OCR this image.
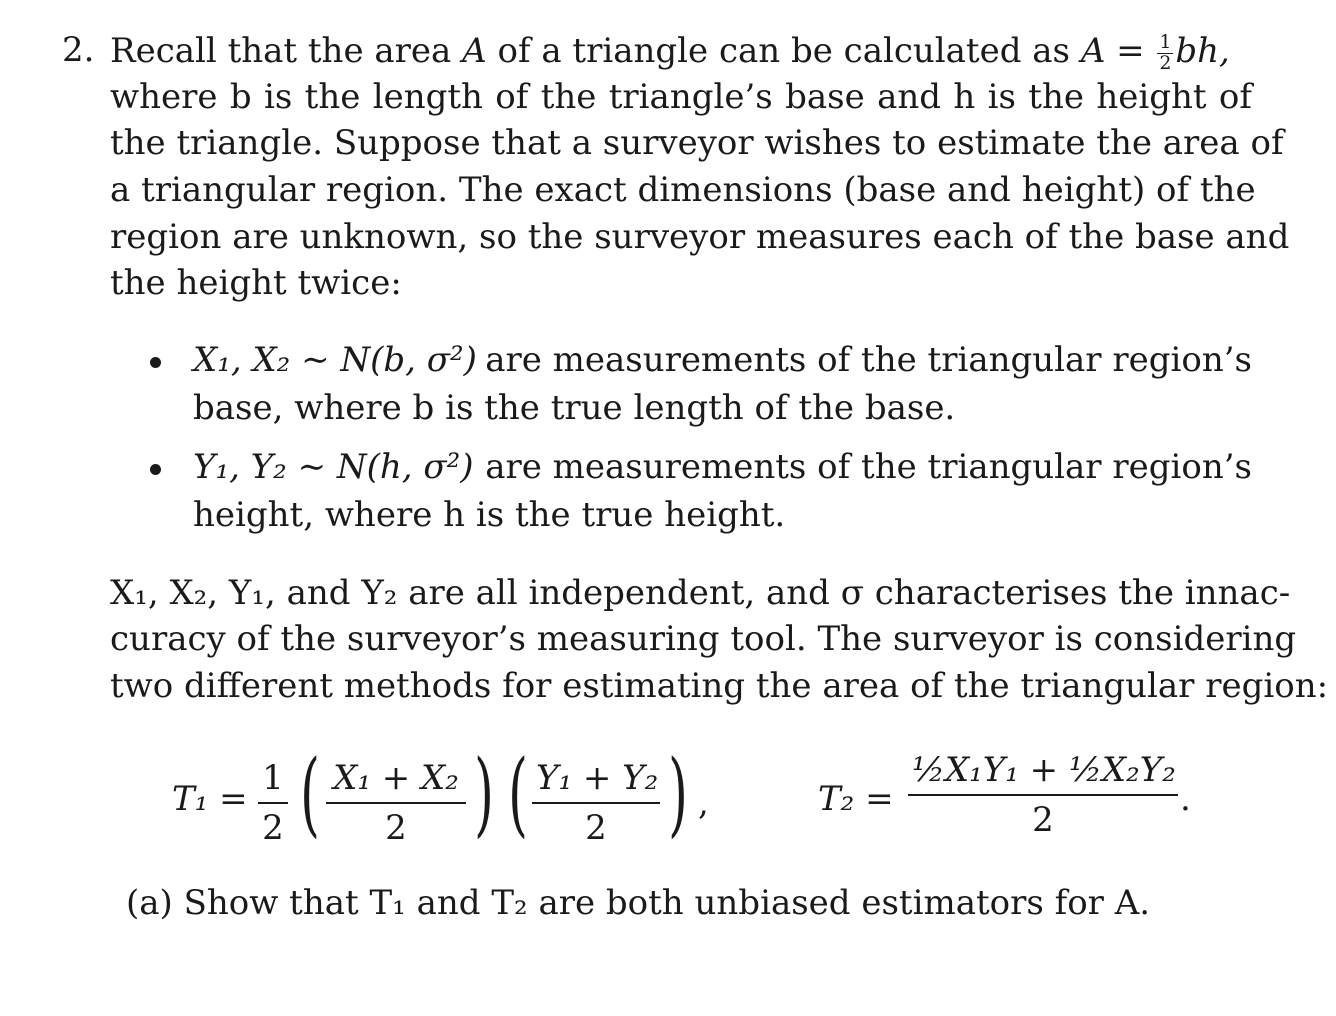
2. Recall that the area A of a triangle can be calculated as $A = \frac{1}{2}$ bh,
where b is the length of the triangle’s base and h is the height of
the triangle. Suppose that a surveyor wishes to estimate the area of
a triangular region. The exact dimensions (base and height) of the
region are unknown, so the surveyor measures each of the base and
the height twice:
X₁, X₂ ∼ N(b, σ²) are measurements of the triangular region’s
base, where b is the true length of the base.
Y₁, Y₂ ∼ N(h, σ²) are measurements of the triangular region’s
height, where h is the true height.
X₁, X₂, Y₁, and Y₂ are all independent, and σ characterises the innac-
curacy of the surveyor’s measuring tool. The surveyor is considering
two different methods for estimating the area of the triangular region:
T₁ =
1
2 ( X₁ + X₂
2 ) ( Y₁ + Y₂
2 ) ,	T₂ =
½X₁Y₁ + ½X₂Y₂
2
.
(a) Show that T₁ and T₂ are both unbiased estimators for A.
